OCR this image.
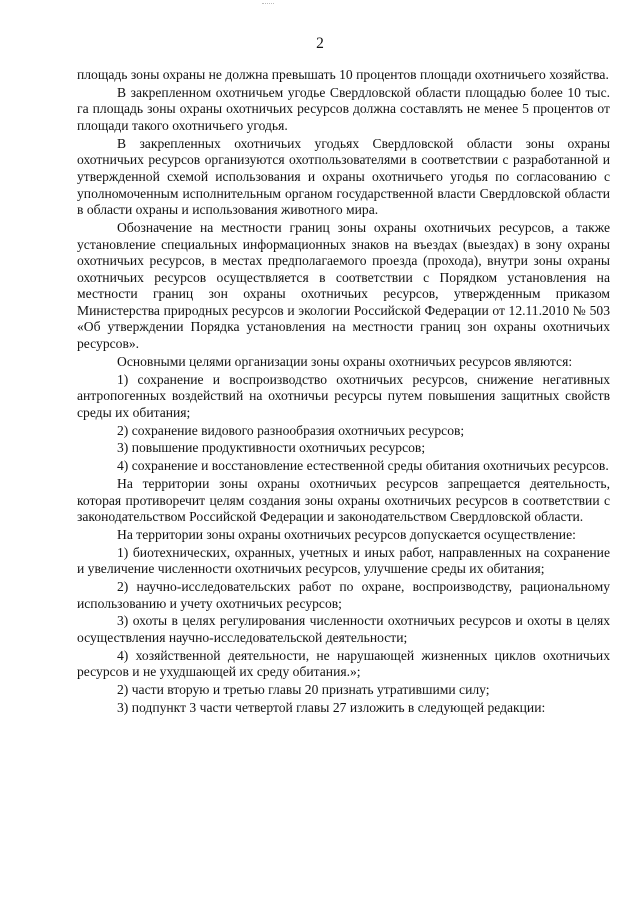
2

площадь зоны охраны не должна превышать 10 процентов площади охотничьего хозяйства.

В закрепленном охотничьем угодье Свердловской области площадью более 10 тыс. га площадь зоны охраны охотничьих ресурсов должна составлять не менее 5 процентов от площади такого охотничьего угодья.

В закрепленных охотничьих угодьях Свердловской области зоны охраны охотничьих ресурсов организуются охотпользователями в соответствии с разработанной и утвержденной схемой использования и охраны охотничьего угодья по согласованию с уполномоченным исполнительным органом государственной власти Свердловской области в области охраны и использования животного мира.

Обозначение на местности границ зоны охраны охотничьих ресурсов, а также установление специальных информационных знаков на въездах (выездах) в зону охраны охотничьих ресурсов, в местах предполагаемого проезда (прохода), внутри зоны охраны охотничьих ресурсов осуществляется в соответствии с Порядком установления на местности границ зон охраны охотничьих ресурсов, утвержденным приказом Министерства природных ресурсов и экологии Российской Федерации от 12.11.2010 № 503 «Об утверждении Порядка установления на местности границ зон охраны охотничьих ресурсов».

Основными целями организации зоны охраны охотничьих ресурсов являются:

1) сохранение и воспроизводство охотничьих ресурсов, снижение негативных антропогенных воздействий на охотничьи ресурсы путем повышения защитных свойств среды их обитания;

2) сохранение видового разнообразия охотничьих ресурсов;

3) повышение продуктивности охотничьих ресурсов;

4) сохранение и восстановление естественной среды обитания охотничьих ресурсов.

На территории зоны охраны охотничьих ресурсов запрещается деятельность, которая противоречит целям создания зоны охраны охотничьих ресурсов в соответствии с законодательством Российской Федерации и законодательством Свердловской области.

На территории зоны охраны охотничьих ресурсов допускается осуществление:

1) биотехнических, охранных, учетных и иных работ, направленных на сохранение и увеличение численности охотничьих ресурсов, улучшение среды их обитания;

2) научно-исследовательских работ по охране, воспроизводству, рациональному использованию и учету охотничьих ресурсов;

3) охоты в целях регулирования численности охотничьих ресурсов и охоты в целях осуществления научно-исследовательской деятельности;

4) хозяйственной деятельности, не нарушающей жизненных циклов охотничьих ресурсов и не ухудшающей их среду обитания.»;

2) части вторую и третью главы 20 признать утратившими силу;

3) подпункт 3 части четвертой главы 27 изложить в следующей редакции:
